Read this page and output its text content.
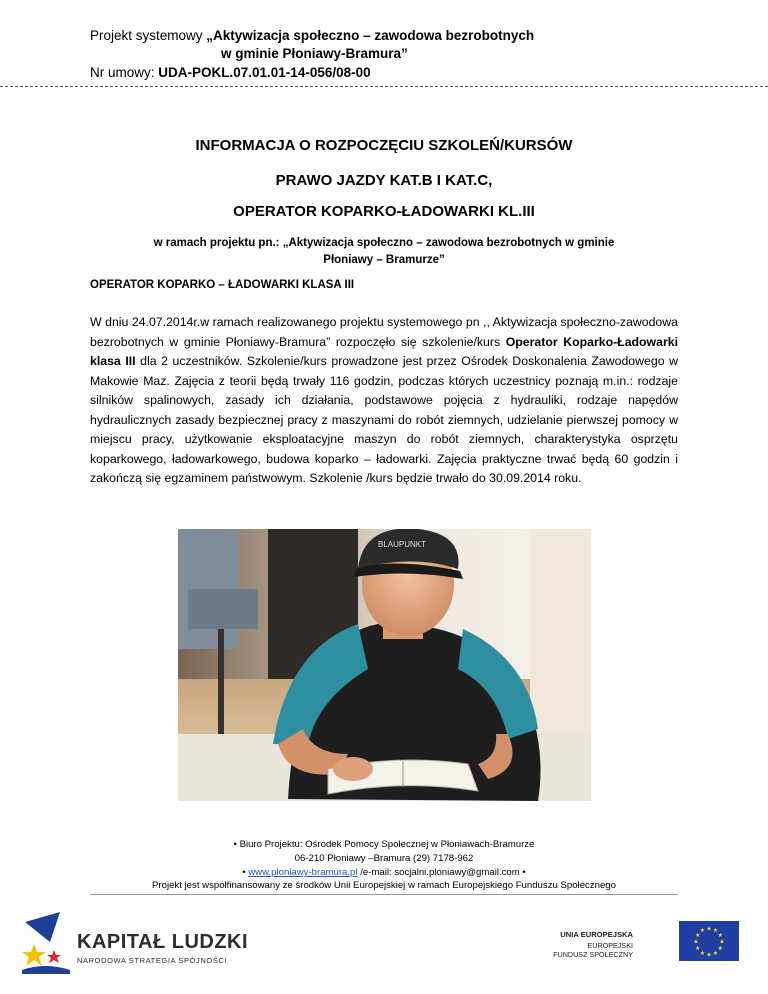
Projekt systemowy „Aktywizacja społeczno – zawodowa bezrobotnych
w gminie Płoniawy-Bramura”
Nr umowy: UDA-POKL.07.01.01-14-056/08-00
INFORMACJA O ROZPOCZĘCIU SZKOLEŃ/KURSÓW
PRAWO JAZDY KAT.B I KAT.C,
OPERATOR KOPARKO-ŁADOWARKI KL.III
w ramach projektu pn.: „Aktywizacja społeczno – zawodowa bezrobotnych w gminie
Płoniawy – Bramurze”
OPERATOR KOPARKO – ŁADOWARKI KLASA III
W dniu 24.07.2014r.w ramach realizowanego projektu systemowego pn ,, Aktywizacja społeczno-zawodowa bezrobotnych w gminie Płoniawy-Bramura” rozpoczęło się szkolenie/kurs Operator Koparko-Ładowarki klasa III dla 2 uczestników. Szkolenie/kurs prowadzone jest przez Ośrodek Doskonalenia Zawodowego w Makowie Maz. Zajęcia z teorii będą trwały 116 godzin, podczas których uczestnicy poznają m.in.: rodzaje silników spalinowych, zasady ich działania, podstawowe pojęcia z hydrauliki, rodzaje napędów hydraulicznych zasady bezpiecznej pracy z maszynami do robót ziemnych, udzielanie pierwszej pomocy w miejscu pracy, użytkowanie eksploatacyjne maszyn do robót ziemnych, charakterystyka osprzętu koparkowego, ładowarkowego, budowa koparko – ładowarki. Zajęcia praktyczne trwać będą 60 godzin i zakończą się egzaminem państwowym. Szkolenie /kurs będzie trwało do 30.09.2014 roku.
BLAUPUNKT
• Biuro Projektu: Ośrodek Pomocy Społecznej w Płoniawach-Bramurze
06-210 Płoniawy –Bramura (29) 7178-962
• www.ploniawy-bramura.pl /e-mail: socjalni.ploniawy@gmail.com •
Projekt jest współfinansowany ze środków Unii Europejskiej w ramach Europejskiego Funduszu Społecznego
KAPITAŁ LUDZKI
NARODOWA STRATEGIA SPÓJNOŚCI
UNIA EUROPEJSKA
EUROPEJSKI
FUNDUSZ SPOŁECZNY
★
★
★
★
★
★
★
★
★ ★ ★
★
